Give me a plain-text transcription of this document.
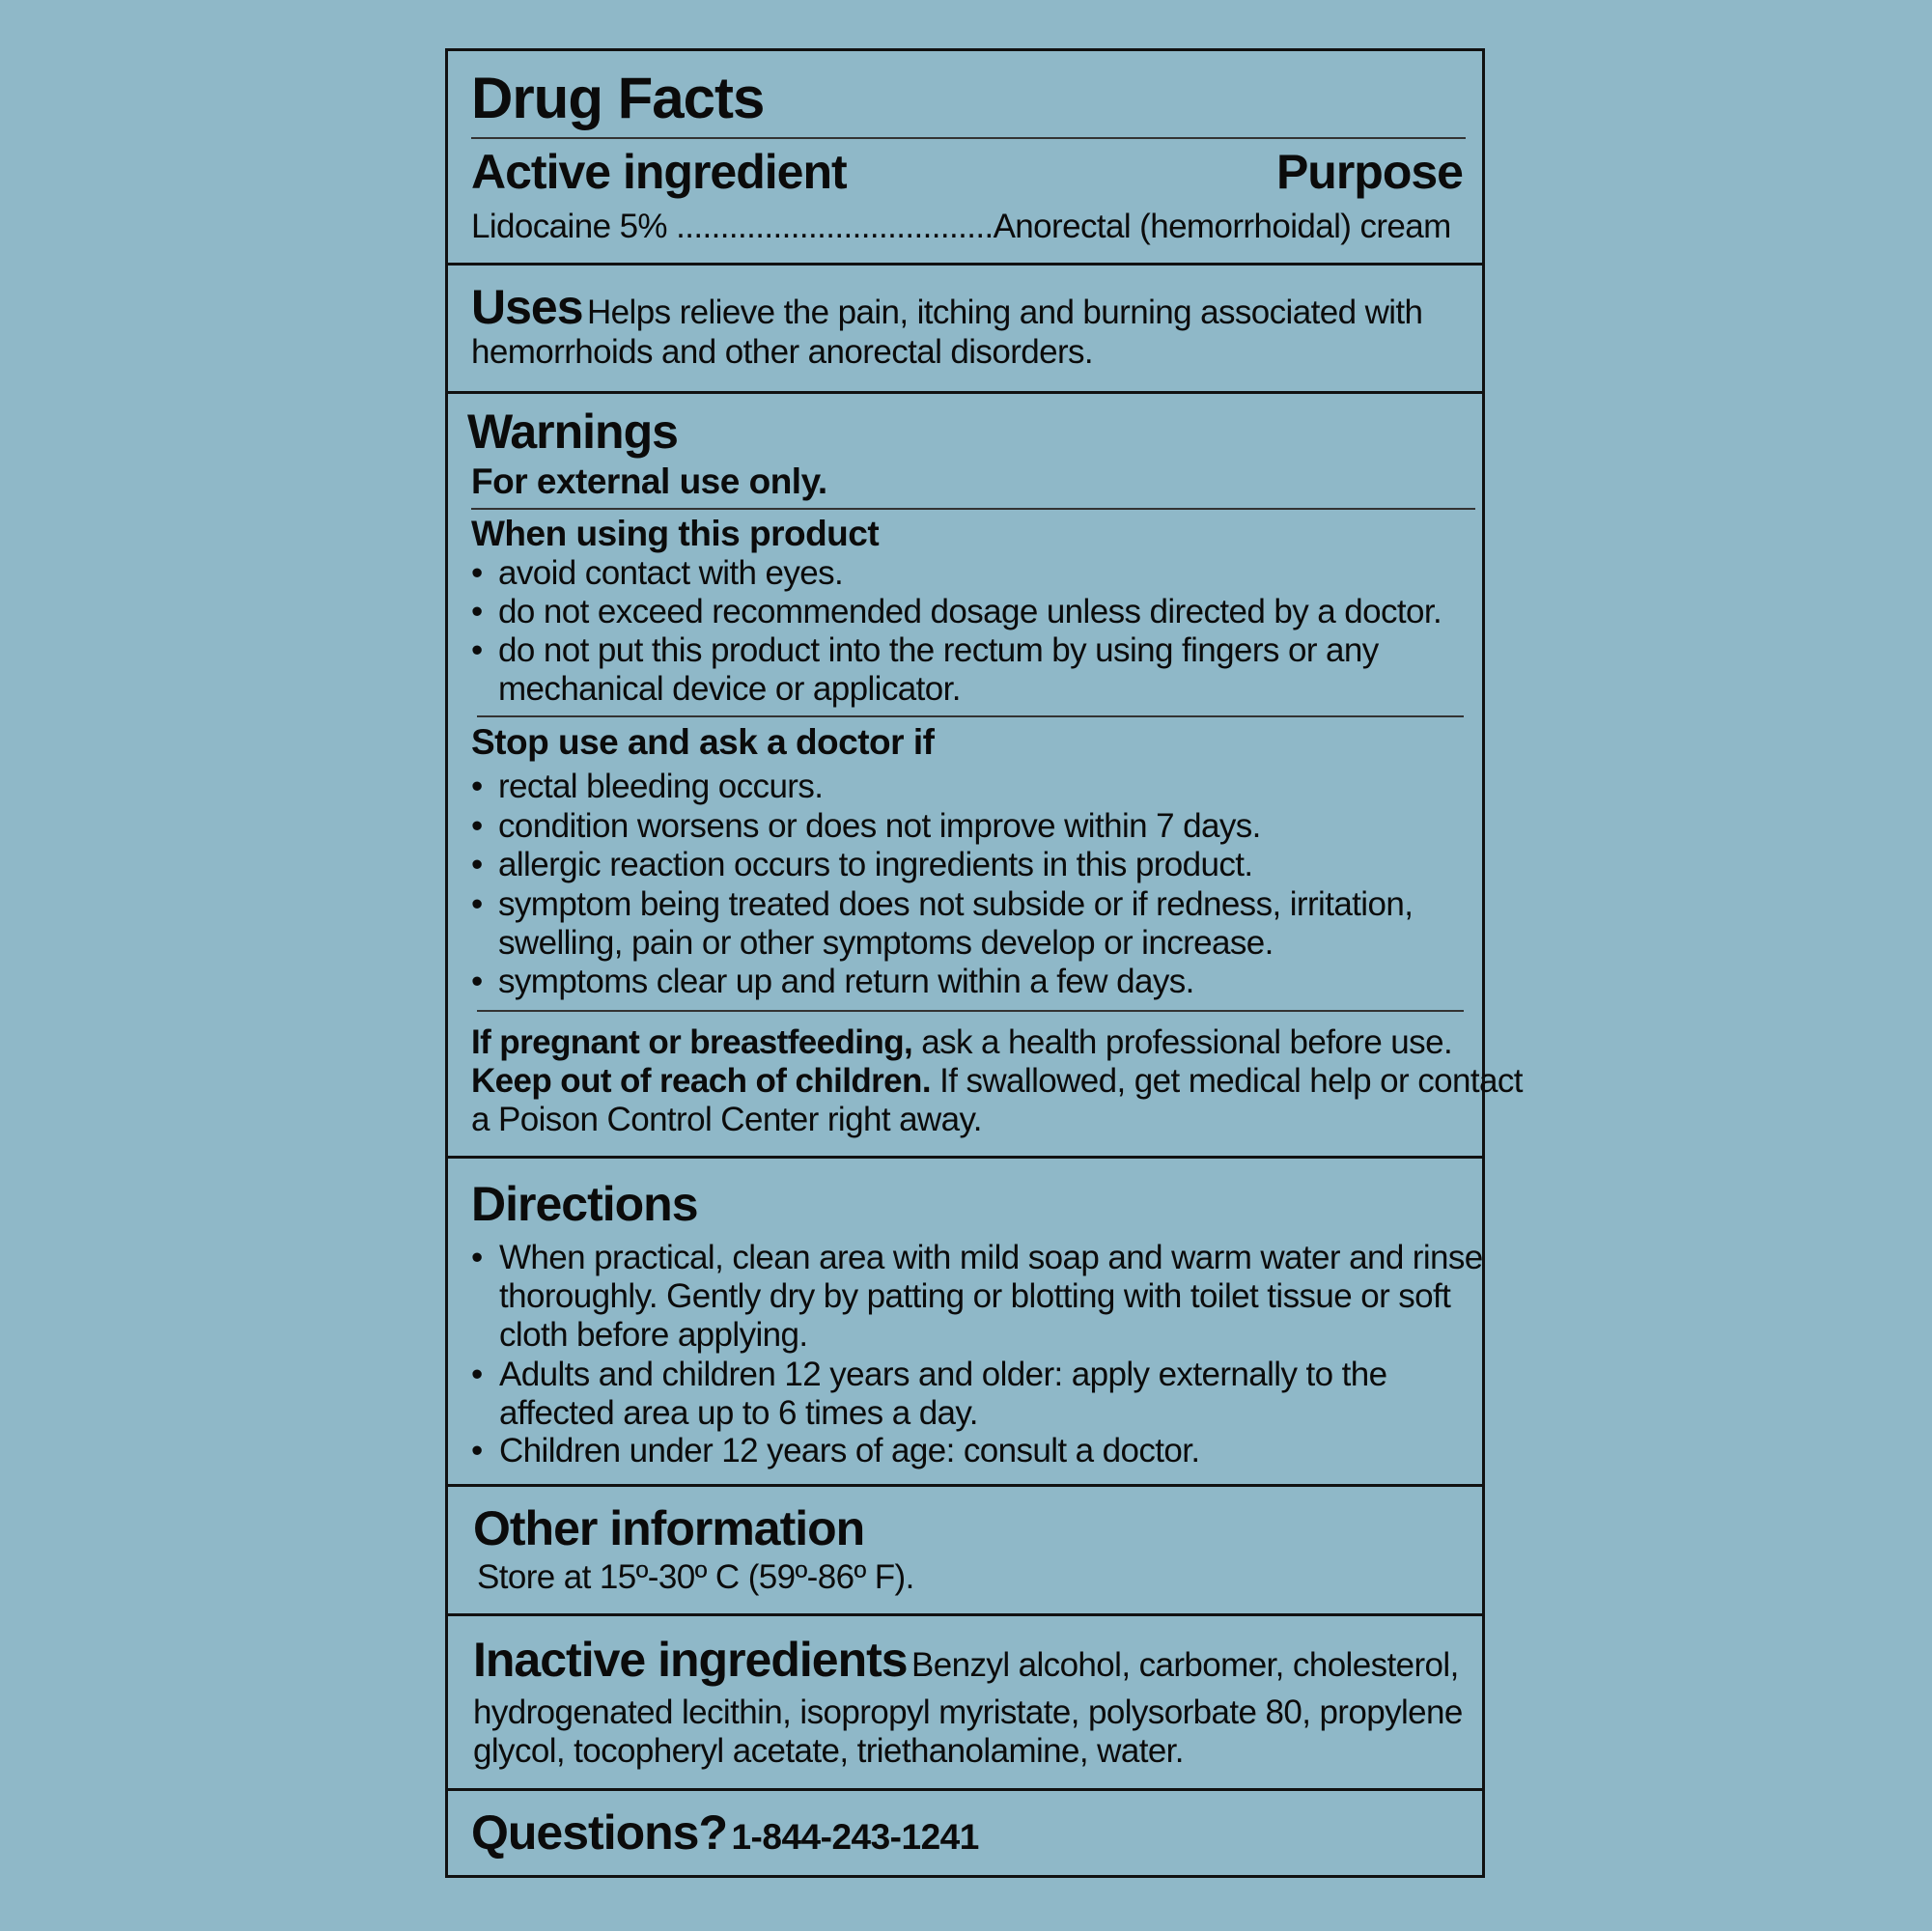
Drug Facts
Active ingredient	Purpose
Lidocaine 5% ....................................Anorectal (hemorrhoidal) cream
Uses Helps relieve the pain, itching and burning associated with
hemorrhoids and other anorectal disorders.
Warnings
For external use only.
When using this product
• avoid contact with eyes.
• do not exceed recommended dosage unless directed by a doctor.
• do not put this product into the rectum by using fingers or any
mechanical device or applicator.
Stop use and ask a doctor if
• rectal bleeding occurs.
• condition worsens or does not improve within 7 days.
• allergic reaction occurs to ingredients in this product.
• symptom being treated does not subside or if redness, irritation,
swelling, pain or other symptoms develop or increase.
• symptoms clear up and return within a few days.
If pregnant or breastfeeding, ask a health professional before use.
Keep out of reach of children. If swallowed, get medical help or contact
a Poison Control Center right away.
Directions
• When practical, clean area with mild soap and warm water and rinse
thoroughly. Gently dry by patting or blotting with toilet tissue or soft
cloth before applying.
• Adults and children 12 years and older: apply externally to the
affected area up to 6 times a day.
• Children under 12 years of age: consult a doctor.
Other information
Store at 15º-30º C (59º-86º F).
Inactive ingredients Benzyl alcohol, carbomer, cholesterol,
hydrogenated lecithin, isopropyl myristate, polysorbate 80, propylene
glycol, tocopheryl acetate, triethanolamine, water.
Questions? 1-844-243-1241
